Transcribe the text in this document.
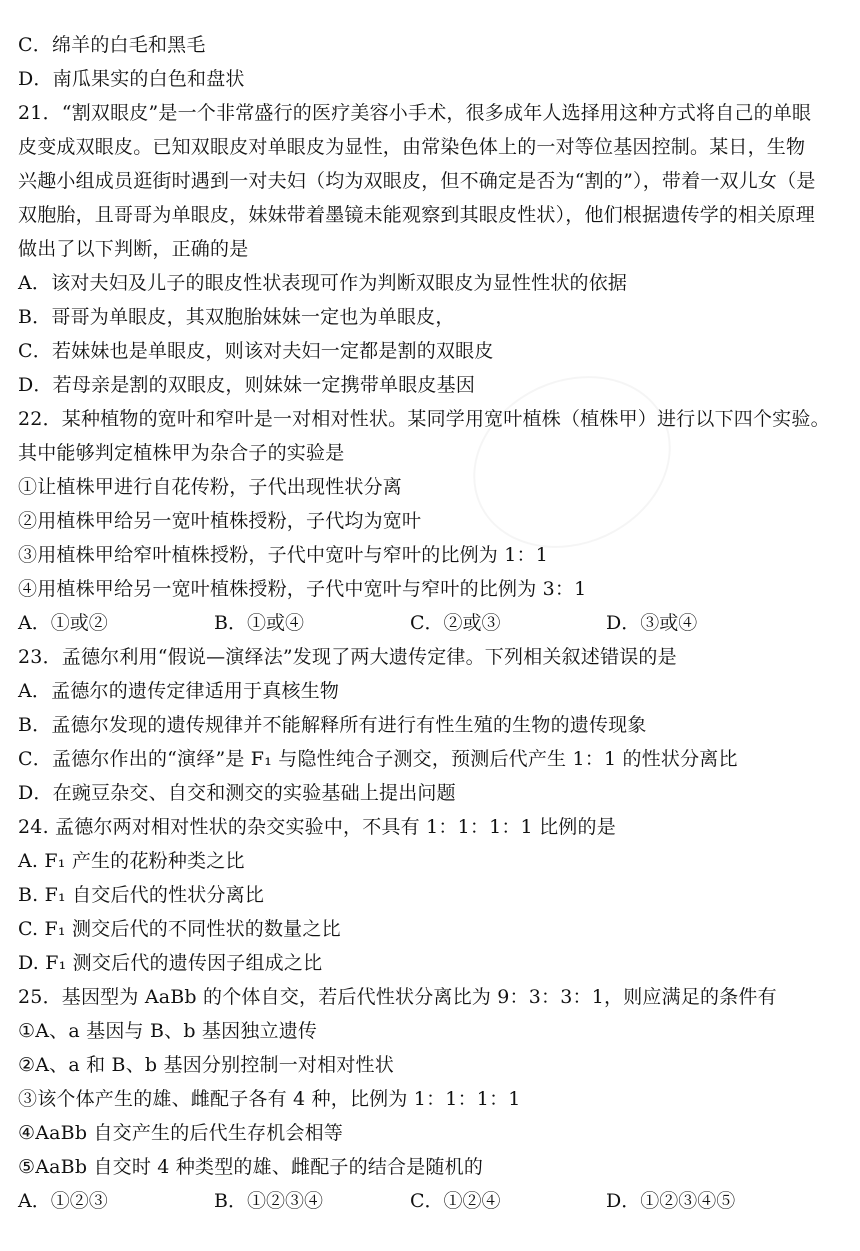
C．绵羊的白毛和黑毛
D．南瓜果实的白色和盘状
21．“割双眼皮”是一个非常盛行的医疗美容小手术，很多成年人选择用这种方式将自己的单眼
皮变成双眼皮。已知双眼皮对单眼皮为显性，由常染色体上的一对等位基因控制。某日，生物
兴趣小组成员逛街时遇到一对夫妇（均为双眼皮，但不确定是否为“割的”），带着一双儿女（是
双胞胎，且哥哥为单眼皮，妹妹带着墨镜未能观察到其眼皮性状），他们根据遗传学的相关原理
做出了以下判断，正确的是
A．该对夫妇及儿子的眼皮性状表现可作为判断双眼皮为显性性状的依据
B．哥哥为单眼皮，其双胞胎妹妹一定也为单眼皮，
C．若妹妹也是单眼皮，则该对夫妇一定都是割的双眼皮
D．若母亲是割的双眼皮，则妹妹一定携带单眼皮基因
22．某种植物的宽叶和窄叶是一对相对性状。某同学用宽叶植株（植株甲）进行以下四个实验。
其中能够判定植株甲为杂合子的实验是
①让植株甲进行自花传粉，子代出现性状分离
②用植株甲给另一宽叶植株授粉，子代均为宽叶
③用植株甲给窄叶植株授粉，子代中宽叶与窄叶的比例为 1：1
④用植株甲给另一宽叶植株授粉，子代中宽叶与窄叶的比例为 3：1
A．①或②	B．①或④	C．②或③	D．③或④
23．孟德尔利用“假说—演绎法”发现了两大遗传定律。下列相关叙述错误的是
A．孟德尔的遗传定律适用于真核生物
B．孟德尔发现的遗传规律并不能解释所有进行有性生殖的生物的遗传现象
C．孟德尔作出的“演绎”是 F₁ 与隐性纯合子测交，预测后代产生 1：1 的性状分离比
D．在豌豆杂交、自交和测交的实验基础上提出问题
24. 孟德尔两对相对性状的杂交实验中，不具有 1：1：1：1 比例的是
A. F₁ 产生的花粉种类之比
B. F₁ 自交后代的性状分离比
C. F₁ 测交后代的不同性状的数量之比
D. F₁ 测交后代的遗传因子组成之比
25．基因型为 AaBb 的个体自交，若后代性状分离比为 9：3：3：1，则应满足的条件有
①A、a 基因与 B、b 基因独立遗传
②A、a 和 B、b 基因分别控制一对相对性状
③该个体产生的雄、雌配子各有 4 种，比例为 1：1：1：1
④AaBb 自交产生的后代生存机会相等
⑤AaBb 自交时 4 种类型的雄、雌配子的结合是随机的
A．①②③	B．①②③④	C．①②④	D．①②③④⑤
